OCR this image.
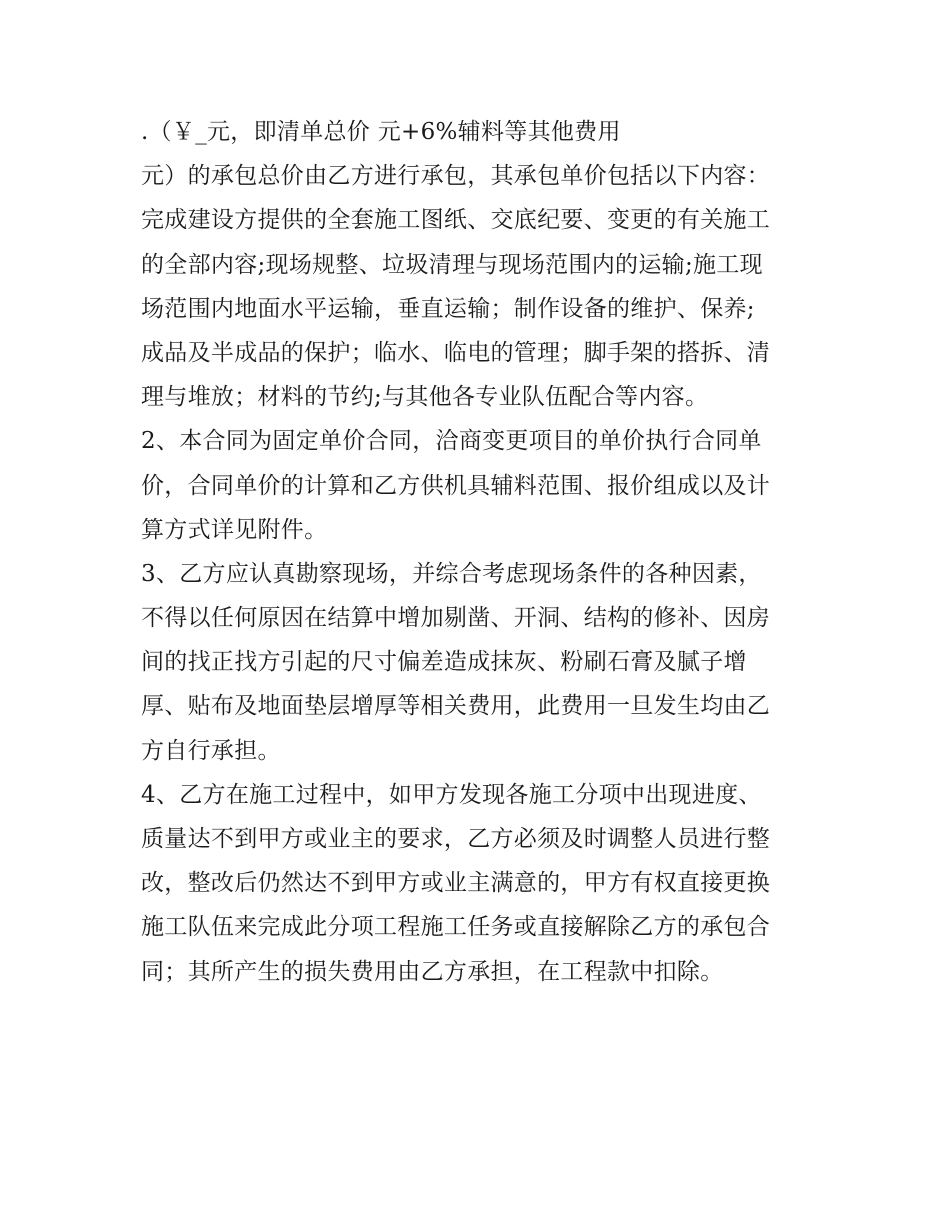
.（￥_元，即清单总价 元+6%辅料等其他费用
元）的承包总价由乙方进行承包，其承包单价包括以下内容：
完成建设方提供的全套施工图纸、交底纪要、变更的有关施工
的全部内容;现场规整、垃圾清理与现场范围内的运输;施工现
场范围内地面水平运输，垂直运输；制作设备的维护、保养;
成品及半成品的保护；临水、临电的管理；脚手架的搭拆、清
理与堆放；材料的节约;与其他各专业队伍配合等内容。
2、本合同为固定单价合同，洽商变更项目的单价执行合同单
价，合同单价的计算和乙方供机具辅料范围、报价组成以及计
算方式详见附件。
3、乙方应认真勘察现场，并综合考虑现场条件的各种因素，
不得以任何原因在结算中增加剔凿、开洞、结构的修补、因房
间的找正找方引起的尺寸偏差造成抹灰、粉刷石膏及腻子增
厚、贴布及地面垫层增厚等相关费用，此费用一旦发生均由乙
方自行承担。
4、乙方在施工过程中，如甲方发现各施工分项中出现进度、
质量达不到甲方或业主的要求，乙方必须及时调整人员进行整
改，整改后仍然达不到甲方或业主满意的，甲方有权直接更换
施工队伍来完成此分项工程施工任务或直接解除乙方的承包合
同；其所产生的损失费用由乙方承担，在工程款中扣除。
